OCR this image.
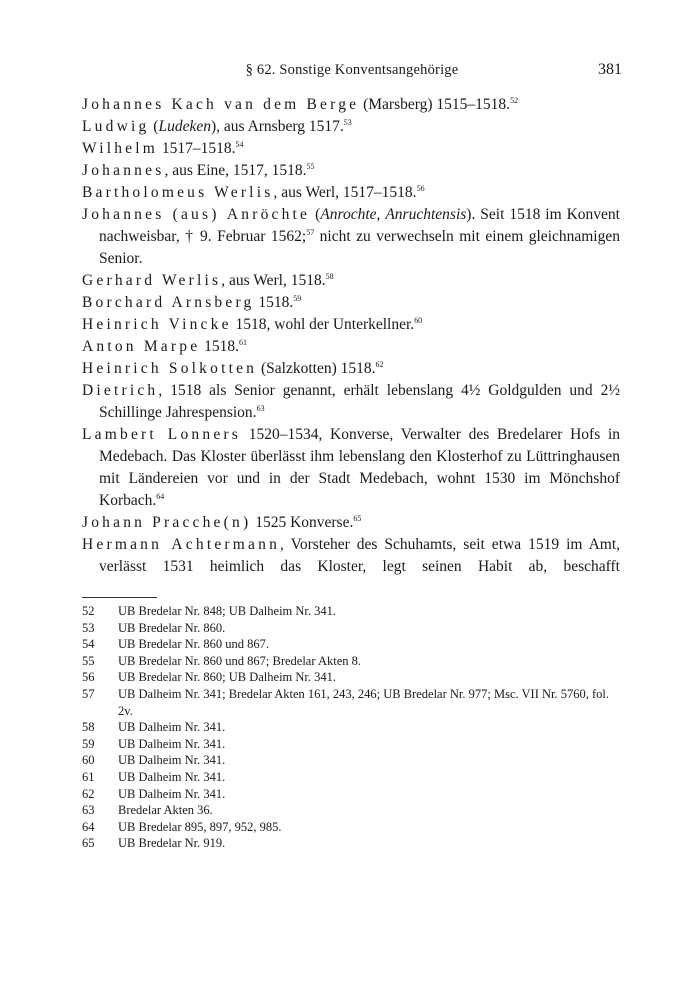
§ 62. Sonstige Konventsangehörige	381
Johannes Kach van dem Berge (Marsberg) 1515–1518.52
Ludwig (Ludeken), aus Arnsberg 1517.53
Wilhelm 1517–1518.54
Johannes, aus Eine, 1517, 1518.55
Bartholomeus Werlis, aus Werl, 1517–1518.56
Johannes (aus) Anröchte (Anrochte, Anruchtensis). Seit 1518 im Konvent nachweisbar, † 9. Februar 1562;$^{57}$ nicht zu verwechseln mit einem gleichnamigen Senior.
Gerhard Werlis, aus Werl, 1518.58
Borchard Arnsberg 1518.59
Heinrich Vincke 1518, wohl der Unterkellner.$^{60}$
Anton Marpe 1518.61
Heinrich Solkotten (Salzkotten) 1518.62
Dietrich, 1518 als Senior genannt, erhält lebenslang 4½ Goldgulden und 2½ Schillinge Jahrespension.$^{63}$
Lambert Lonners 1520–1534, Konverse, Verwalter des Bredelarer Hofs in Medebach. Das Kloster überlässt ihm lebenslang den Klosterhof zu Lüttringhausen mit Ländereien vor und in der Stadt Medebach, wohnt 1530 im Mönchshof Korbach.$^{64}$
Johann Pracche(n) 1525 Konverse.$^{65}$
Hermann Achtermann, Vorsteher des Schuhamts, seit etwa 1519 im Amt, verlässt 1531 heimlich das Kloster, legt seinen Habit ab, beschafft
52	UB Bredelar Nr. 848; UB Dalheim Nr. 341.
53	UB Bredelar Nr. 860.
54	UB Bredelar Nr. 860 und 867.
55	UB Bredelar Nr. 860 und 867; Bredelar Akten 8.
56	UB Bredelar Nr. 860; UB Dalheim Nr. 341.
57	UB Dalheim Nr. 341; Bredelar Akten 161, 243, 246; UB Bredelar Nr. 977; Msc. VII Nr. 5760, fol. 2v.
58	UB Dalheim Nr. 341.
59	UB Dalheim Nr. 341.
60	UB Dalheim Nr. 341.
61	UB Dalheim Nr. 341.
62	UB Dalheim Nr. 341.
63	Bredelar Akten 36.
64	UB Bredelar 895, 897, 952, 985.
65	UB Bredelar Nr. 919.
